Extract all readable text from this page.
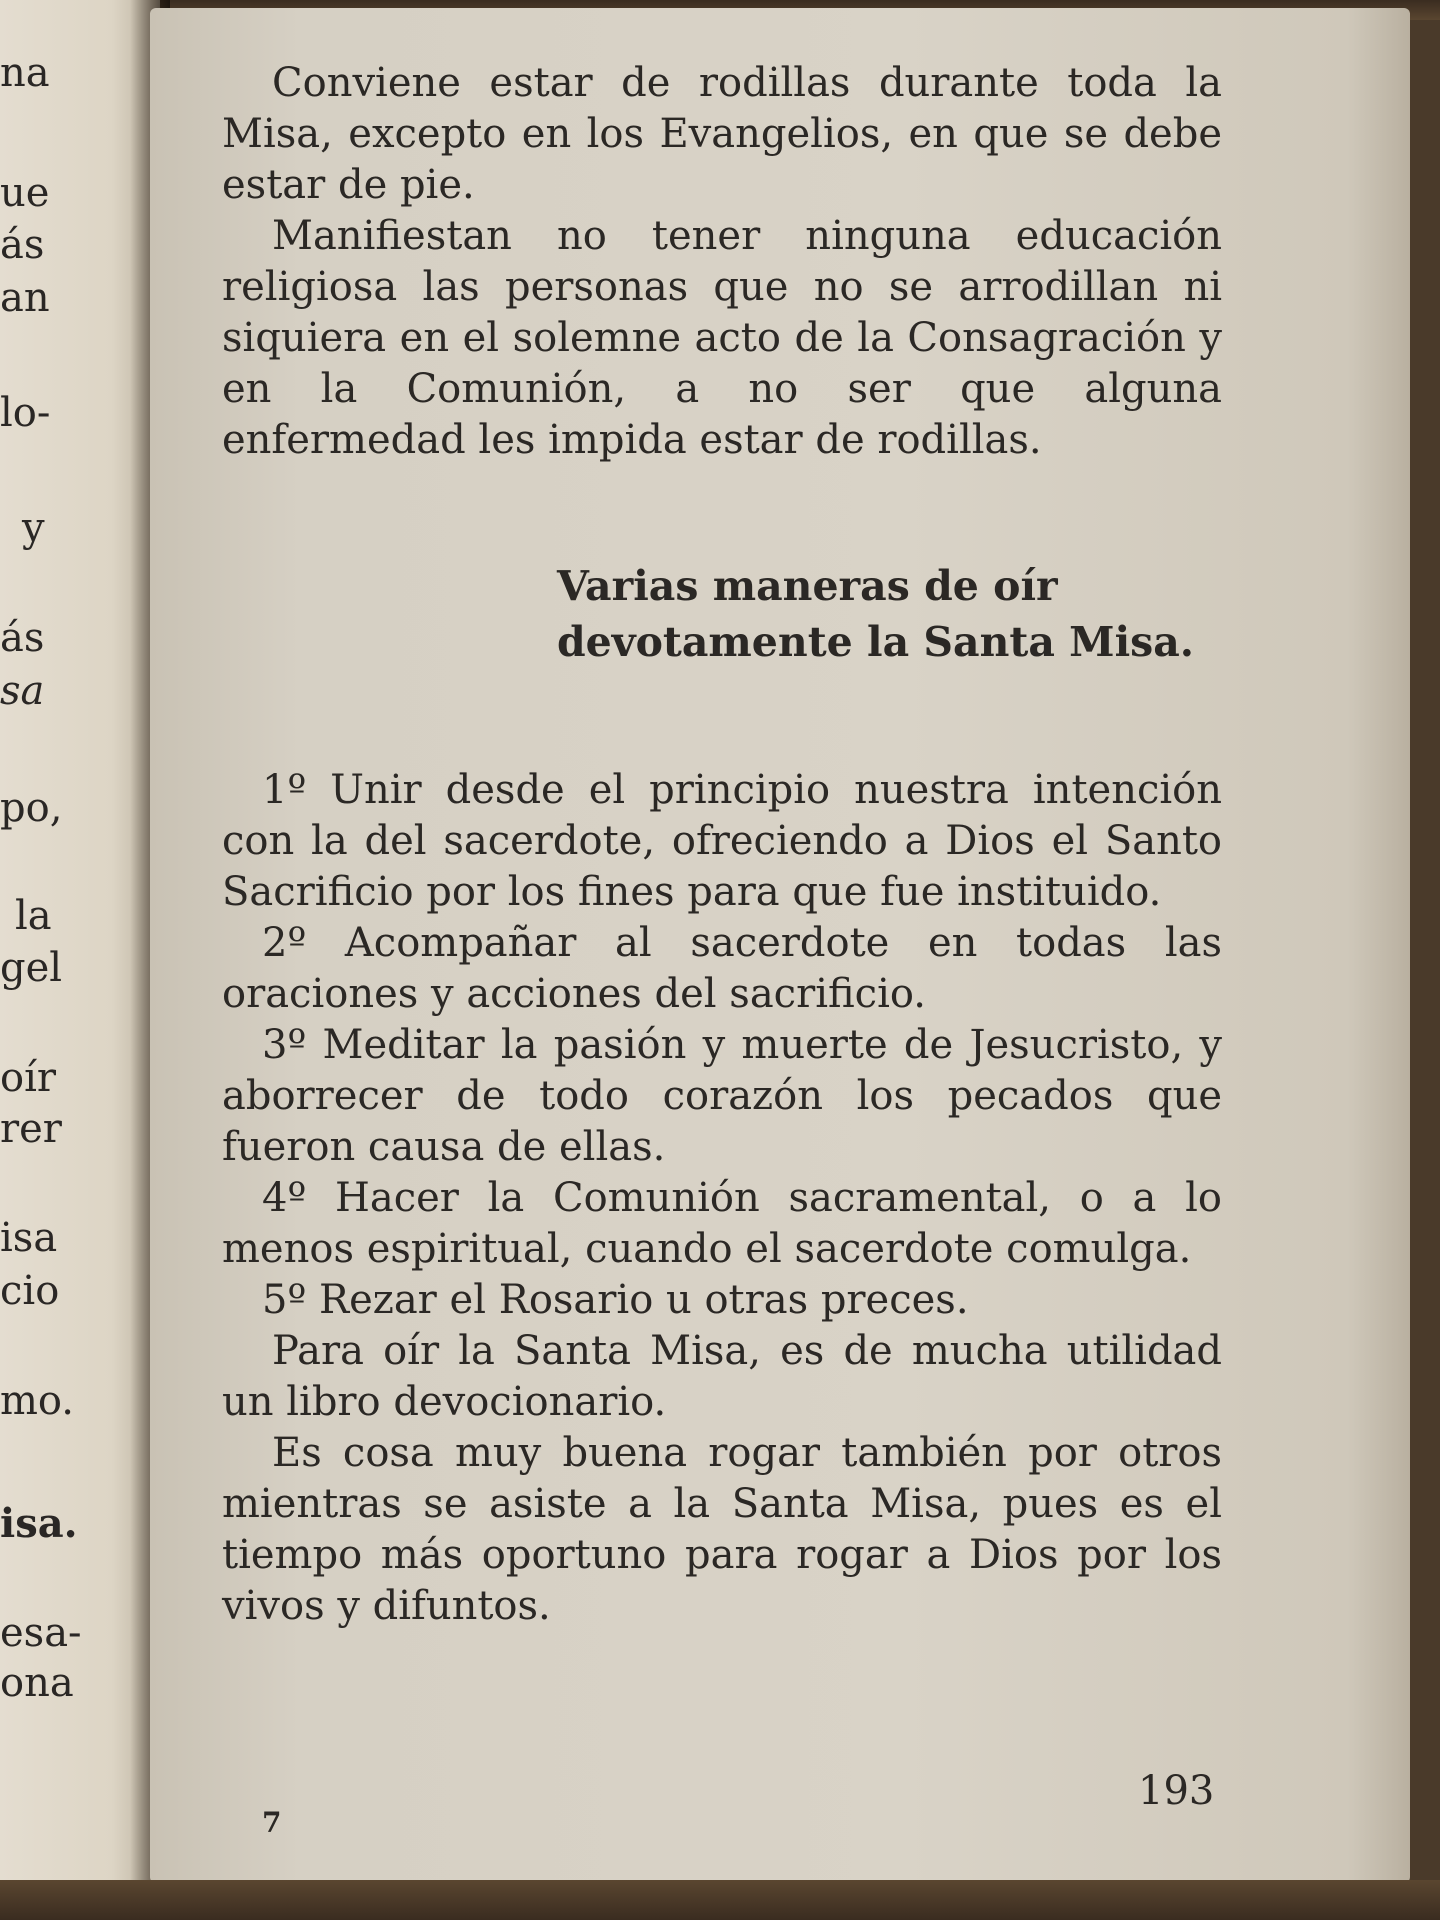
na
ue
ás
an
lo-
y
ás
sa
po,
la
gel
oír
rer
isa
cio
mo.
isa.
esa-
ona

Conviene estar de rodillas durante toda la Misa, excepto en los Evangelios, en que se debe estar de pie.

Manifiestan no tener ninguna educación religiosa las personas que no se arrodillan ni siquiera en el solemne acto de la Consagración y en la Comunión, a no ser que alguna enfermedad les impida estar de rodillas.

Varias maneras de oír devotamente la Santa Misa.

1º Unir desde el principio nuestra intención con la del sacerdote, ofreciendo a Dios el Santo Sacrificio por los fines para que fue instituido.

2º Acompañar al sacerdote en todas las oraciones y acciones del sacrificio.

3º Meditar la pasión y muerte de Jesucristo, y aborrecer de todo corazón los pecados que fueron causa de ellas.

4º Hacer la Comunión sacramental, o a lo menos espiritual, cuando el sacerdote comulga.

5º Rezar el Rosario u otras preces.

Para oír la Santa Misa, es de mucha utilidad un libro devocionario.

Es cosa muy buena rogar también por otros mientras se asiste a la Santa Misa, pues es el tiempo más oportuno para rogar a Dios por los vivos y difuntos.

193
7
